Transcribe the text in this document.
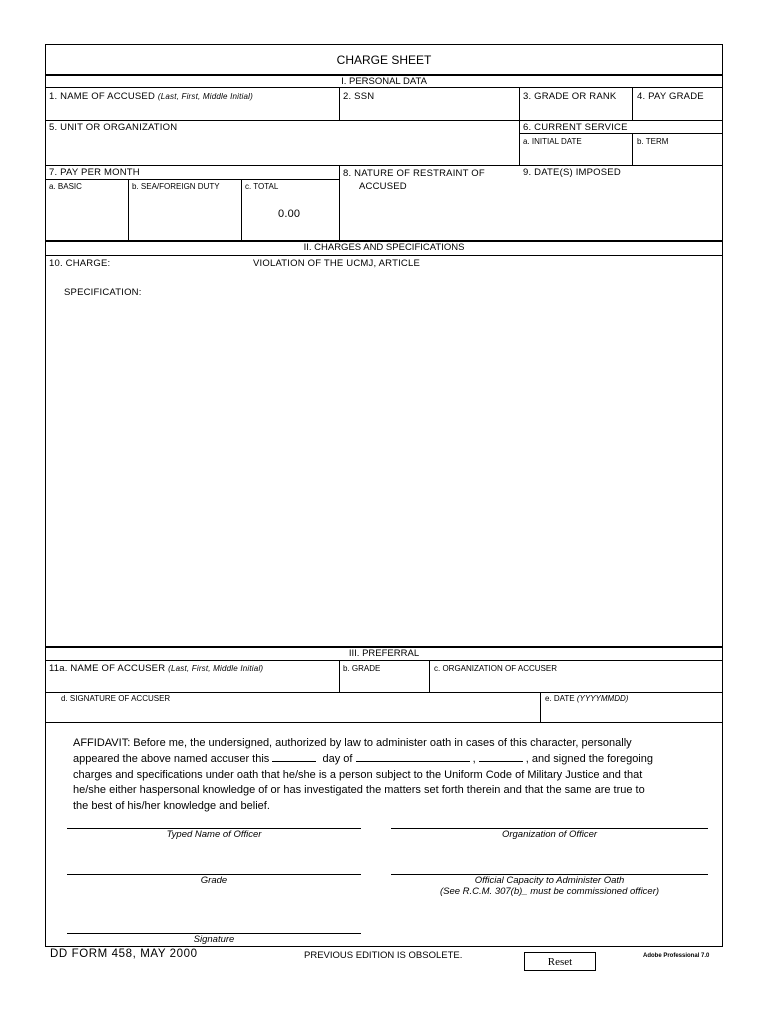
CHARGE SHEET
I. PERSONAL DATA
1. NAME OF ACCUSED (Last, First, Middle Initial)	2. SSN	3. GRADE OR RANK 4. PAY GRADE
5. UNIT OR ORGANIZATION	6. CURRENT SERVICE
a. INITIAL DATE	b. TERM
7. PAY PER MONTH
a. BASIC	b. SEA/FOREIGN DUTY	c. TOTAL
0.00
8. NATURE OF RESTRAINT OF
ACCUSED
9. DATE(S) IMPOSED
II. CHARGES AND SPECIFICATIONS
10. CHARGE:	VIOLATION OF THE UCMJ, ARTICLE
SPECIFICATION:
III. PREFERRAL
11a. NAME OF ACCUSER (Last, First, Middle Initial)	b. GRADE	c. ORGANIZATION OF ACCUSER
d. SIGNATURE OF ACCUSER	e. DATE (YYYYMMDD)
AFFIDAVIT: Before me, the undersigned, authorized by law to administer oath in cases of this character, personally
appeared the above named accuser this	day of	,	, and signed the foregoing
charges and specifications under oath that he/she is a person subject to the Uniform Code of Military Justice and that
he/she either haspersonal knowledge of or has investigated the matters set forth therein and that the same are true to
the best of his/her knowledge and belief.
Typed Name of Officer	Organization of Officer
Grade	Official Capacity to Administer Oath
(See R.C.M. 307(b)_ must be commissioned officer)
Signature
DD FORM 458, MAY 2000	PREVIOUS EDITION IS OBSOLETE.	Reset	Adobe Professional 7.0
